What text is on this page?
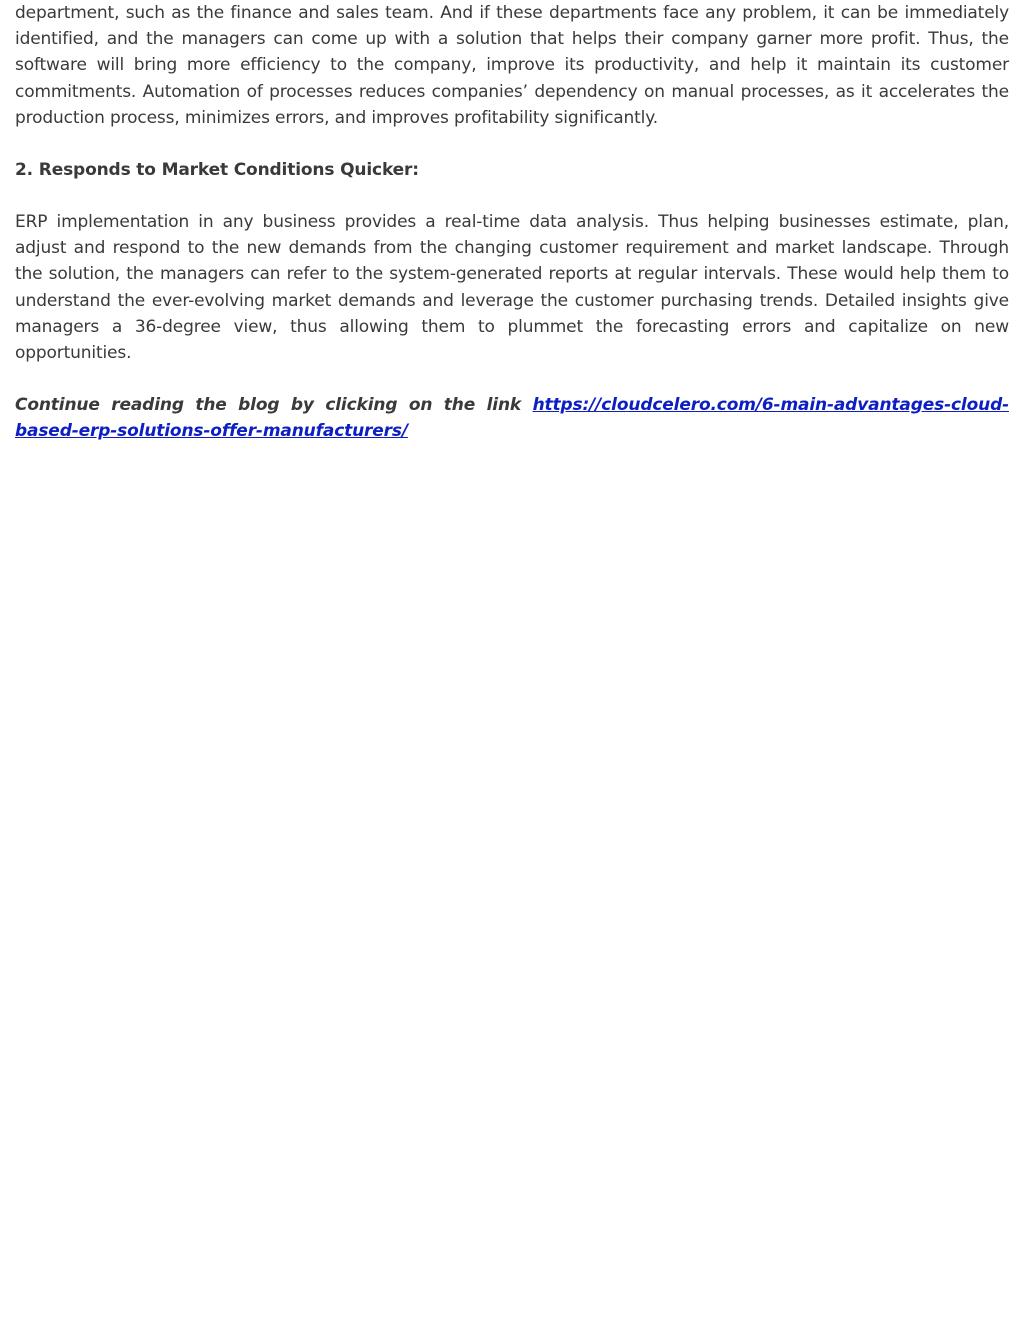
department, such as the finance and sales team. And if these departments face any problem, it can be immediately identified, and the managers can come up with a solution that helps their company garner more profit. Thus, the software will bring more efficiency to the company, improve its productivity, and help it maintain its customer commitments. Automation of processes reduces companies’ dependency on manual processes, as it accelerates the production process, minimizes errors, and improves profitability significantly.

2. Responds to Market Conditions Quicker:

ERP implementation in any business provides a real-time data analysis. Thus helping businesses estimate, plan, adjust and respond to the new demands from the changing customer requirement and market landscape. Through the solution, the managers can refer to the system-generated reports at regular intervals. These would help them to understand the ever-evolving market demands and leverage the customer purchasing trends. Detailed insights give managers a 36-degree view, thus allowing them to plummet the forecasting errors and capitalize on new opportunities.

Continue reading the blog by clicking on the link https://cloudcelero.com/6-main-advantages-cloud-based-erp-solutions-offer-manufacturers/
